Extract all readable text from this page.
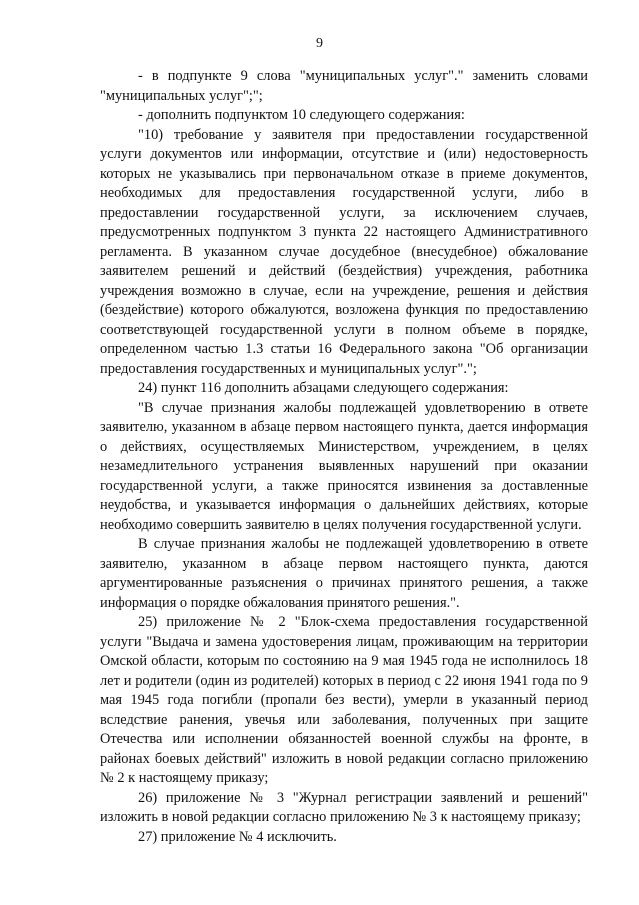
9

- в подпункте 9 слова "муниципальных услуг"." заменить словами "муниципальных услуг";";

- дополнить подпунктом 10 следующего содержания:

"10) требование у заявителя при предоставлении государственной услуги документов или информации, отсутствие и (или) недостоверность которых не указывались при первоначальном отказе в приеме документов, необходимых для предоставления государственной услуги, либо в предоставлении государственной услуги, за исключением случаев, предусмотренных подпунктом 3 пункта 22 настоящего Административного регламента. В указанном случае досудебное (внесудебное) обжалование заявителем решений и действий (бездействия) учреждения, работника учреждения возможно в случае, если на учреждение, решения и действия (бездействие) которого обжалуются, возложена функция по предоставлению соответствующей государственной услуги в полном объеме в порядке, определенном частью 1.3 статьи 16 Федерального закона "Об организации предоставления государственных и муниципальных услуг".";

24) пункт 116 дополнить абзацами следующего содержания:

"В случае признания жалобы подлежащей удовлетворению в ответе заявителю, указанном в абзаце первом настоящего пункта, дается информация о действиях, осуществляемых Министерством, учреждением, в целях незамедлительного устранения выявленных нарушений при оказании государственной услуги, а также приносятся извинения за доставленные неудобства, и указывается информация о дальнейших действиях, которые необходимо совершить заявителю в целях получения государственной услуги.

В случае признания жалобы не подлежащей удовлетворению в ответе заявителю, указанном в абзаце первом настоящего пункта, даются аргументированные разъяснения о причинах принятого решения, а также информация о порядке обжалования принятого решения.".

25) приложение № 2 "Блок-схема предоставления государственной услуги "Выдача и замена удостоверения лицам, проживающим на территории Омской области, которым по состоянию на 9 мая 1945 года не исполнилось 18 лет и родители (один из родителей) которых в период с 22 июня 1941 года по 9 мая 1945 года погибли (пропали без вести), умерли в указанный период вследствие ранения, увечья или заболевания, полученных при защите Отечества или исполнении обязанностей военной службы на фронте, в районах боевых действий" изложить в новой редакции согласно приложению № 2 к настоящему приказу;

26) приложение № 3 "Журнал регистрации заявлений и решений" изложить в новой редакции согласно приложению № 3 к настоящему приказу;

27) приложение № 4 исключить.
